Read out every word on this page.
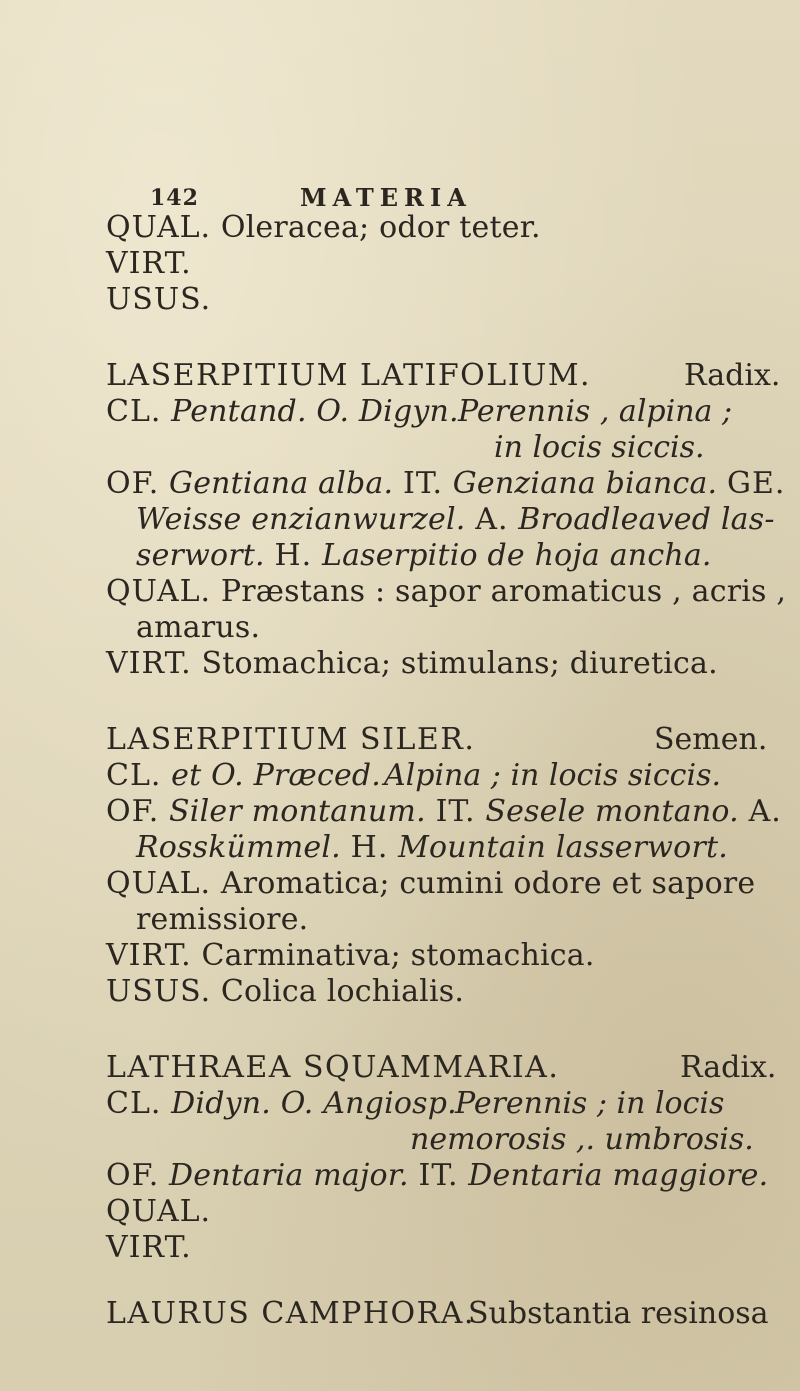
142	MATERIA
QUAL. Oleracea; odor teter.
VIRT.
USUS.
LASERPITIUM LATIFOLIUM.	Radix.
CL. Pentand. O. Digyn. Perennis , alpina ;
in locis siccis.
OF. Gentiana alba. IT. Genziana bianca. GE.
Weisse enzianwurzel. A. Broadleaved las-
serwort. H. Laserpitio de hoja ancha.
QUAL. Præstans : sapor aromaticus , acris ,
amarus.
VIRT. Stomachica; stimulans; diuretica.
LASERPITIUM SILER.	Semen.
CL. et O. Præced. Alpina ; in locis siccis.
OF. Siler montanum. IT. Sesele montano. A.
Rosskümmel. H. Mountain lasserwort.
QUAL. Aromatica; cumini odore et sapore
remissiore.
VIRT. Carminativa; stomachica.
USUS. Colica lochialis.
LATHRAEA SQUAMMARIA.	Radix.
CL. Didyn. O. Angiosp.
Perennis ; in locis
nemorosis ,. umbrosis.
OF. Dentaria major. IT. Dentaria maggiore.
QUAL.
VIRT.
LAURUS CAMPHORA.
Substantia resinosa
